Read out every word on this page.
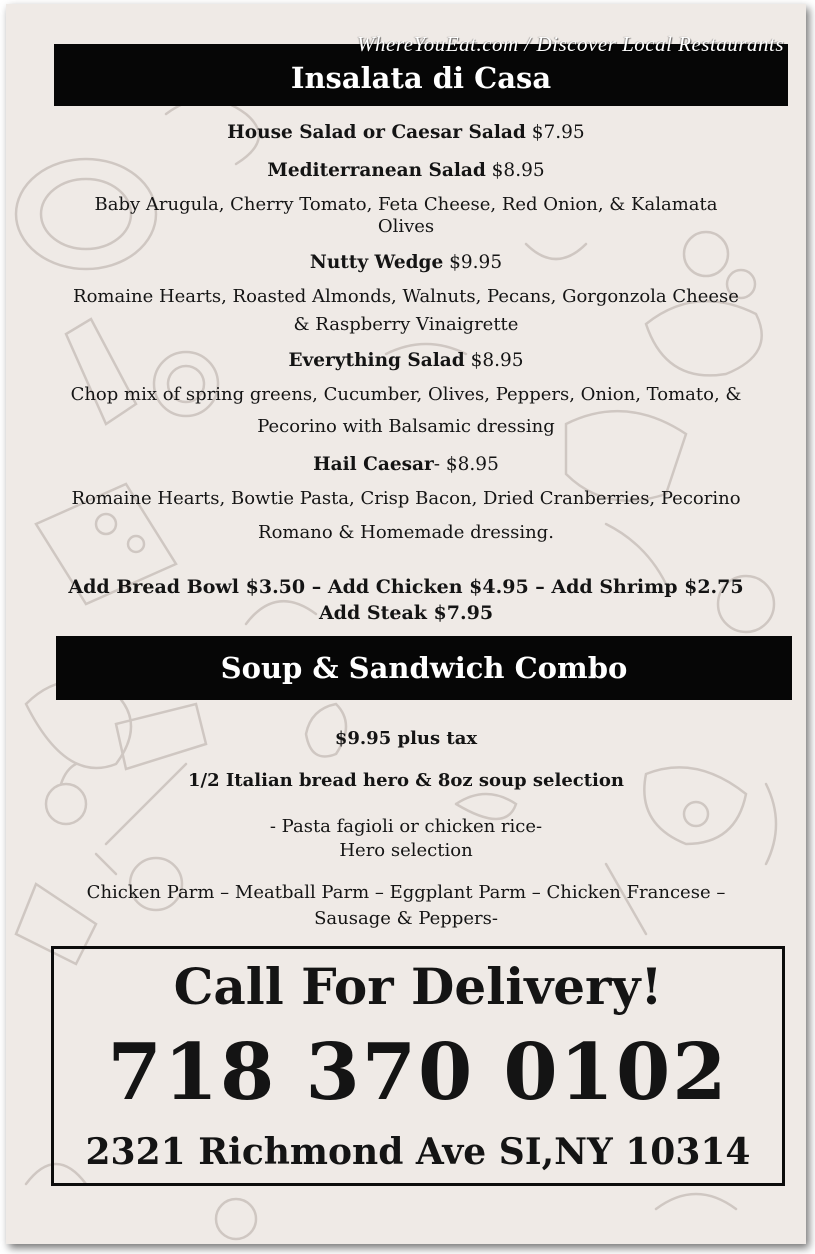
WhereYouEat.com / Discover Local Restaurants
Insalata di Casa
House Salad or Caesar Salad $7.95
Mediterranean Salad $8.95
Baby Arugula, Cherry Tomato, Feta Cheese, Red Onion, & Kalamata
Olives
Nutty Wedge $9.95
Romaine Hearts, Roasted Almonds, Walnuts, Pecans, Gorgonzola Cheese
& Raspberry Vinaigrette
Everything Salad $8.95
Chop mix of spring greens, Cucumber, Olives, Peppers, Onion, Tomato, &
Pecorino with Balsamic dressing
Hail Caesar- $8.95
Romaine Hearts, Bowtie Pasta, Crisp Bacon, Dried Cranberries, Pecorino
Romano & Homemade dressing.
Add Bread Bowl $3.50 – Add Chicken $4.95 – Add Shrimp $2.75
Add Steak $7.95
Soup & Sandwich Combo
$9.95 plus tax
1/2 Italian bread hero & 8oz soup selection
- Pasta fagioli or chicken rice-
Hero selection
Chicken Parm – Meatball Parm – Eggplant Parm – Chicken Francese –
Sausage & Peppers-
Call For Delivery!
718 370 0102
2321 Richmond Ave SI,NY 10314
